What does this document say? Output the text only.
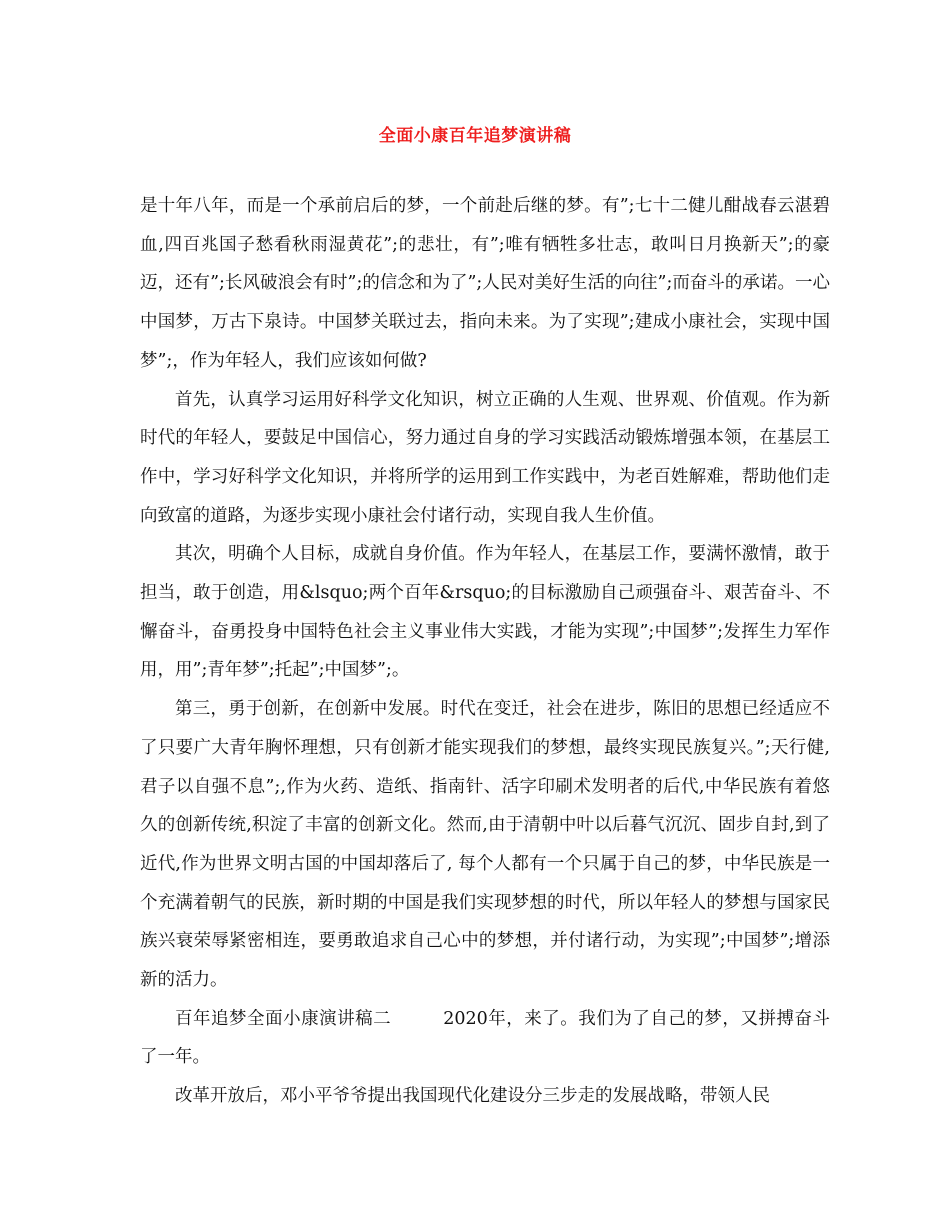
全面小康百年追梦演讲稿

是十年八年，而是一个承前启后的梦，一个前赴后继的梦。有”;七十二健儿酣战春云湛碧血,四百兆国子愁看秋雨湿黄花”;的悲壮，有”;唯有牺牲多壮志，敢叫日月换新天”;的豪迈，还有”;长风破浪会有时”;的信念和为了”;人民对美好生活的向往”;而奋斗的承诺。一心中国梦，万古下泉诗。中国梦关联过去，指向未来。为了实现”;建成小康社会，实现中国梦”;，作为年轻人，我们应该如何做?

首先，认真学习运用好科学文化知识，树立正确的人生观、世界观、价值观。作为新时代的年轻人，要鼓足中国信心，努力通过自身的学习实践活动锻炼增强本领，在基层工作中，学习好科学文化知识，并将所学的运用到工作实践中，为老百姓解难，帮助他们走向致富的道路，为逐步实现小康社会付诸行动，实现自我人生价值。

其次，明确个人目标，成就自身价值。作为年轻人，在基层工作，要满怀激情，敢于担当，敢于创造，用&lsquo;两个百年&rsquo;的目标激励自己顽强奋斗、艰苦奋斗、不懈奋斗，奋勇投身中国特色社会主义事业伟大实践，才能为实现”;中国梦”;发挥生力军作用，用”;青年梦”;托起”;中国梦”;。

第三，勇于创新，在创新中发展。时代在变迁，社会在进步，陈旧的思想已经适应不了只要广大青年胸怀理想，只有创新才能实现我们的梦想，最终实现民族复兴。”;天行健,君子以自强不息”;,作为火药、造纸、指南针、活字印刷术发明者的后代,中华民族有着悠久的创新传统,积淀了丰富的创新文化。然而,由于清朝中叶以后暮气沉沉、固步自封,到了近代,作为世界文明古国的中国却落后了, 每个人都有一个只属于自己的梦，中华民族是一个充满着朝气的民族，新时期的中国是我们实现梦想的时代，所以年轻人的梦想与国家民族兴衰荣辱紧密相连，要勇敢追求自己心中的梦想，并付诸行动，为实现”;中国梦”;增添新的活力。

百年追梦全面小康演讲稿二	2020年，来了。我们为了自己的梦，又拼搏奋斗了一年。

改革开放后，邓小平爷爷提出我国现代化建设分三步走的发展战略，带领人民
